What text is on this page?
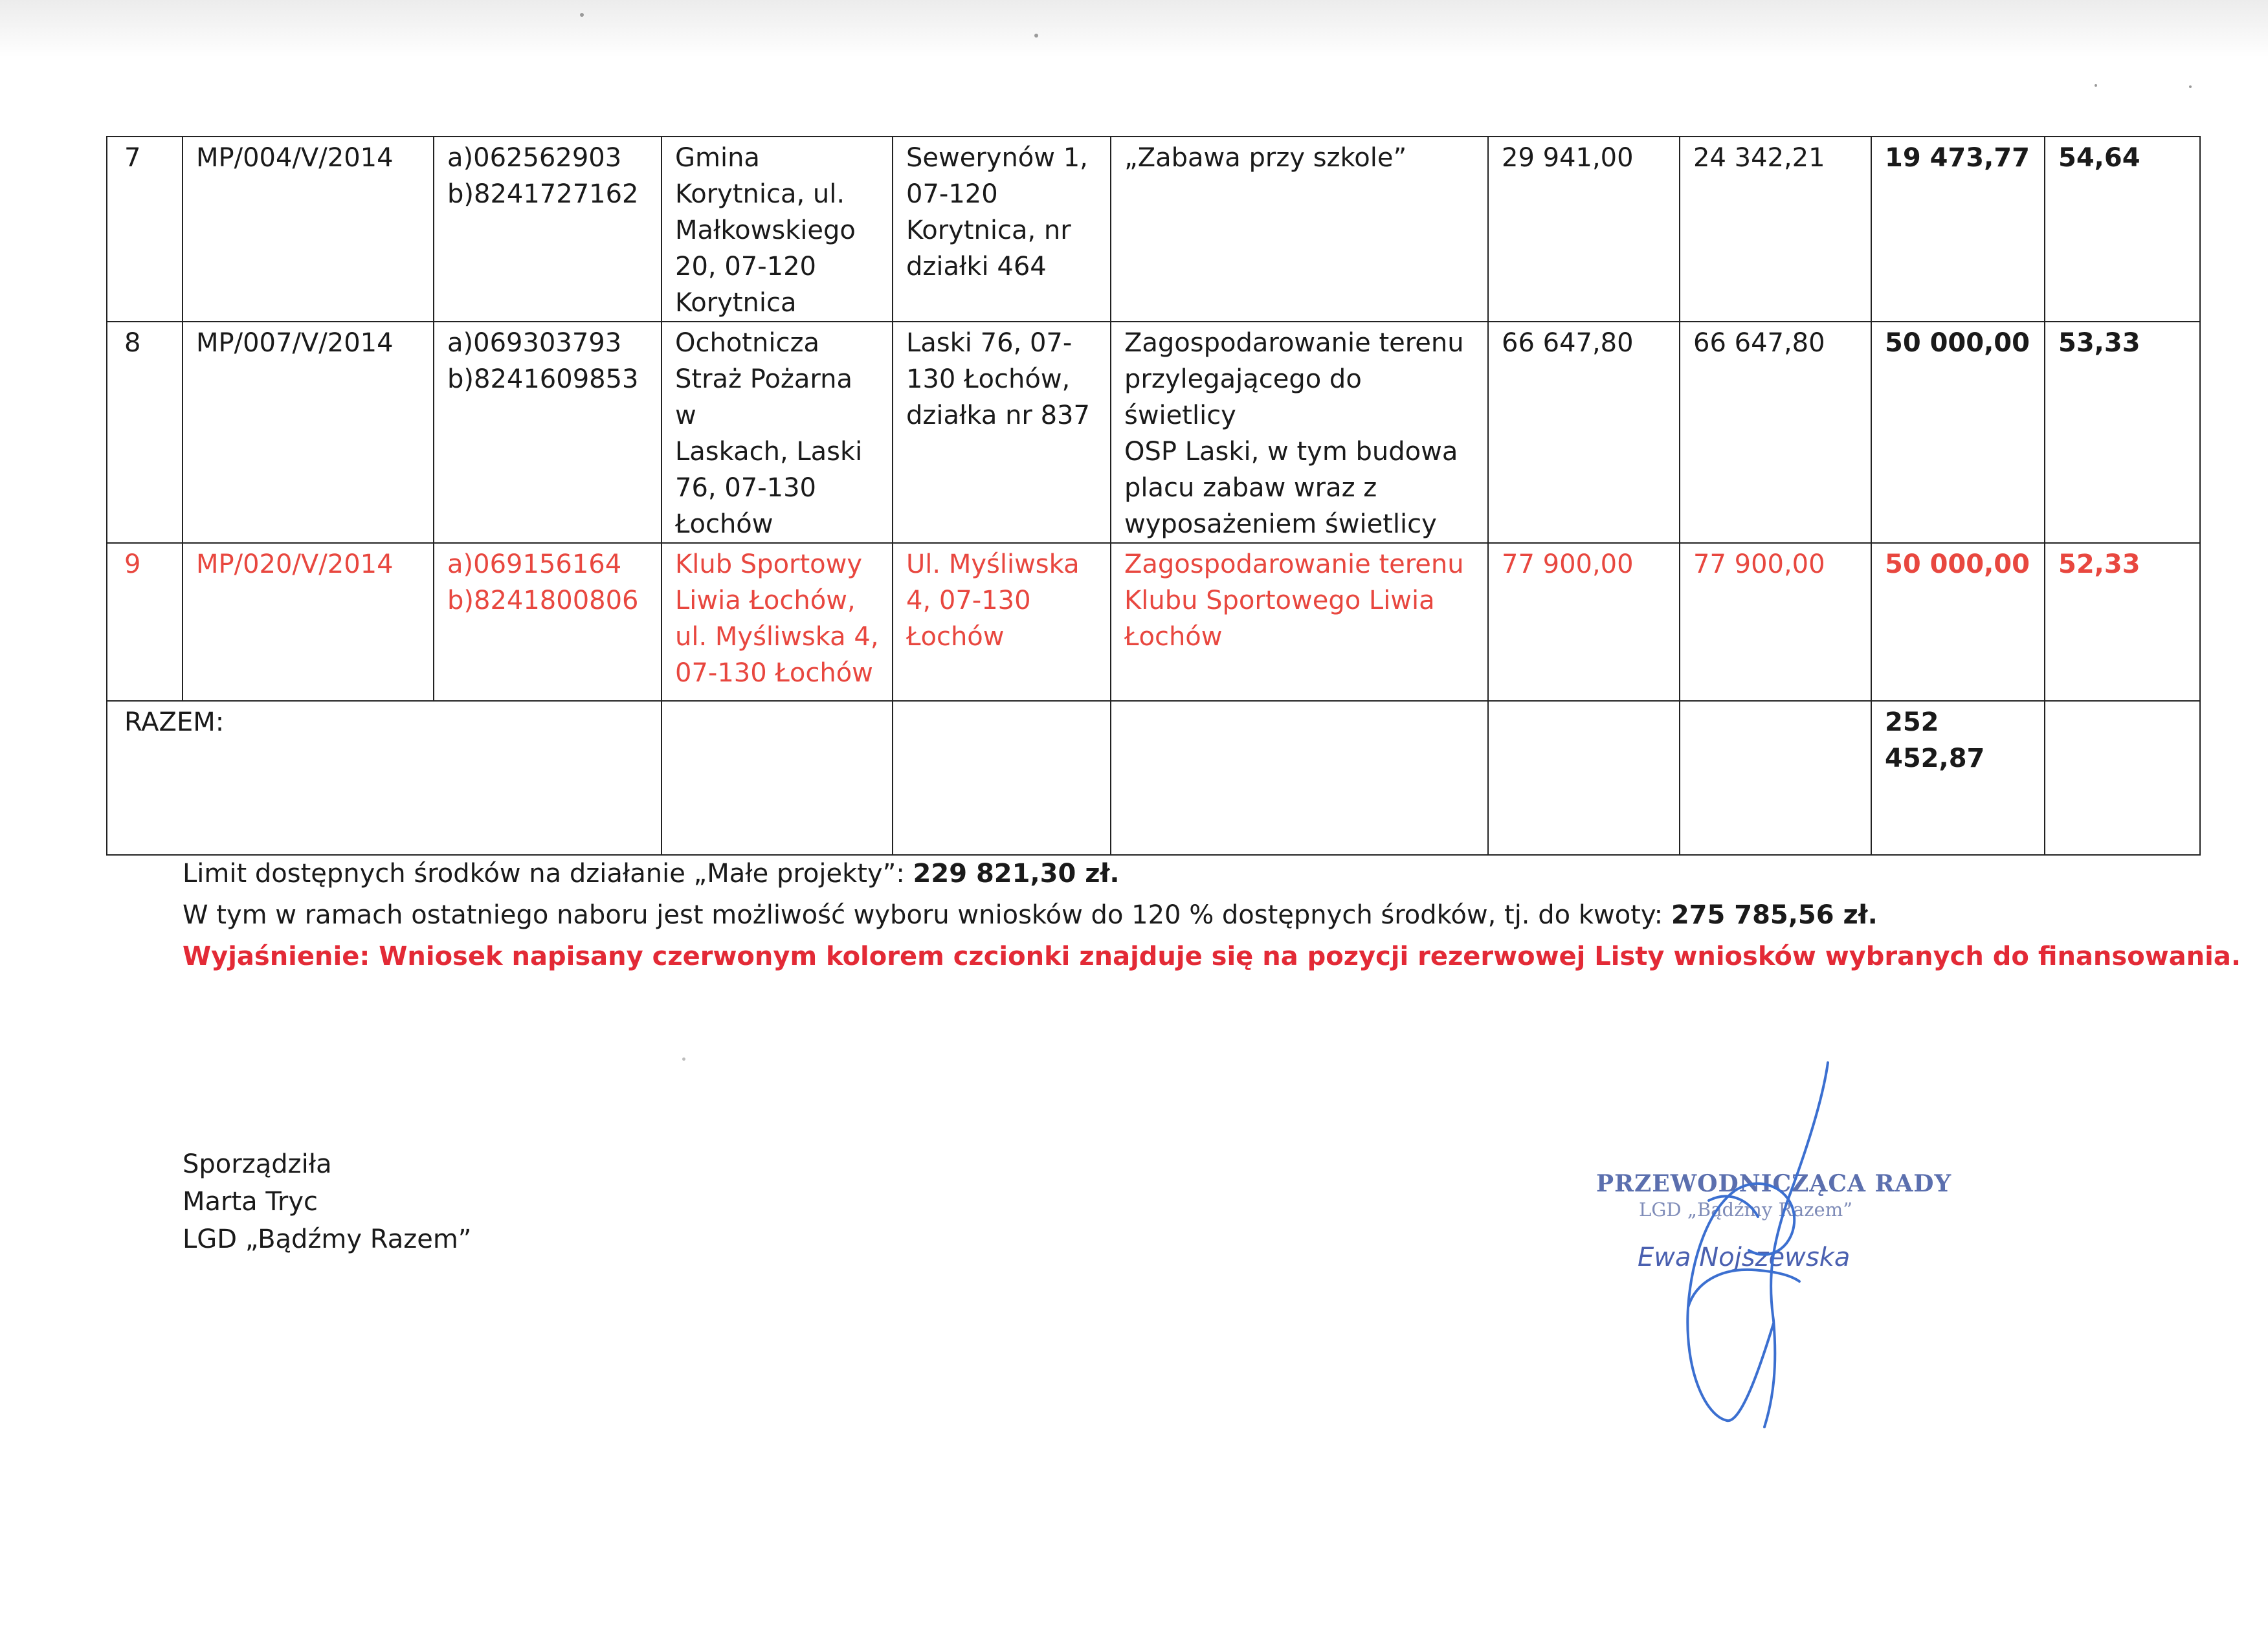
7	MP/004/V/2014	a)062562903
b)8241727162	Gmina
Korytnica, ul.
Małkowskiego
20, 07-120
Korytnica	Sewerynów 1,
07-120
Korytnica, nr
działki 464	„Zabawa przy szkole”	29 941,00	24 342,21	19 473,77	54,64
8	MP/007/V/2014	a)069303793
b)8241609853	Ochotnicza
Straż Pożarna w
Laskach, Laski
76, 07-130
Łochów	Laski 76, 07-
130 Łochów,
działka nr 837	Zagospodarowanie terenu
przylegającego do świetlicy
OSP Laski, w tym budowa
placu zabaw wraz z
wyposażeniem świetlicy	66 647,80	66 647,80	50 000,00	53,33
9	MP/020/V/2014	a)069156164
b)8241800806	Klub Sportowy
Liwia Łochów,
ul. Myśliwska 4,
07-130 Łochów	Ul. Myśliwska
4, 07-130
Łochów	Zagospodarowanie terenu
Klubu Sportowego Liwia
Łochów	77 900,00	77 900,00	50 000,00	52,33
RAZEM:								252 452,87	
Limit dostępnych środków na działanie „Małe projekty”: 229 821,30 zł.
W tym w ramach ostatniego naboru jest możliwość wyboru wniosków do 120 % dostępnych środków, tj. do kwoty: 275 785,56 zł.
Wyjaśnienie: Wniosek napisany czerwonym kolorem czcionki znajduje się na pozycji rezerwowej Listy wniosków wybranych do finansowania.
Sporządziła
Marta Tryc
LGD „Bądźmy Razem”
PRZEWODNICZĄCA RADY
LGD „Bądźmy Razem”
Ewa Nojszewska
